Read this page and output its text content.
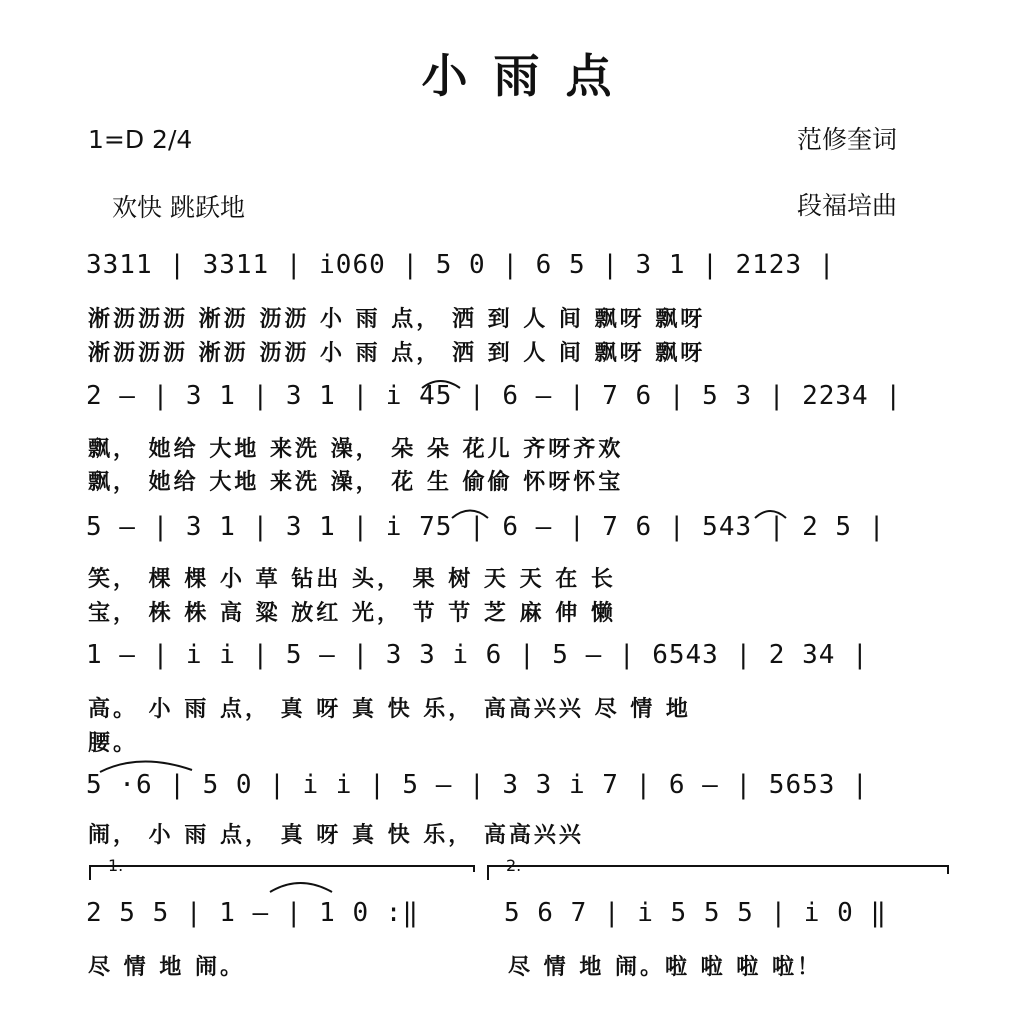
小雨点
1=D 2/4	范修奎词
欢快 跳跃地	段福培曲
3311 | 3311 | i060 | 5 0 | 6 5 | 3 1 | 2123 |
淅沥沥沥 淅沥 沥沥 小 雨 点， 洒 到 人 间 飘呀 飘呀
淅沥沥沥 淅沥 沥沥 小 雨 点， 洒 到 人 间 飘呀 飘呀
2 — | 3 1 | 3 1 | i 45 | 6 — | 7 6 | 5 3 | 2234 |
飘， 她给 大地 来洗 澡， 朵 朵 花儿 齐呀齐欢
飘， 她给 大地 来洗 澡， 花 生 偷偷 怀呀怀宝
5 — | 3 1 | 3 1 | i 75 | 6 — | 7 6 | 543 | 2 5 |
笑， 棵 棵 小 草 钻出 头， 果 树 天 天 在 长
宝， 株 株 高 粱 放红 光， 节 节 芝 麻 伸 懒
1 — | i i | 5 — | 3 3 i 6 | 5 — | 6543 | 2 34 |
高。 小 雨 点， 真 呀 真 快 乐， 高高兴兴 尽 情 地
腰。
5 ·6 | 5 0 | i i | 5 — | 3 3 i 7 | 6 — | 5653 |
闹， 小 雨 点， 真 呀 真 快 乐， 高高兴兴
1.	2.
2 5 5 | 1 — | 1 0 :‖	5 6 7 | i 5 5 5 | i 0 ‖
尽 情 地 闹。	尽 情 地 闹。啦 啦 啦 啦！
